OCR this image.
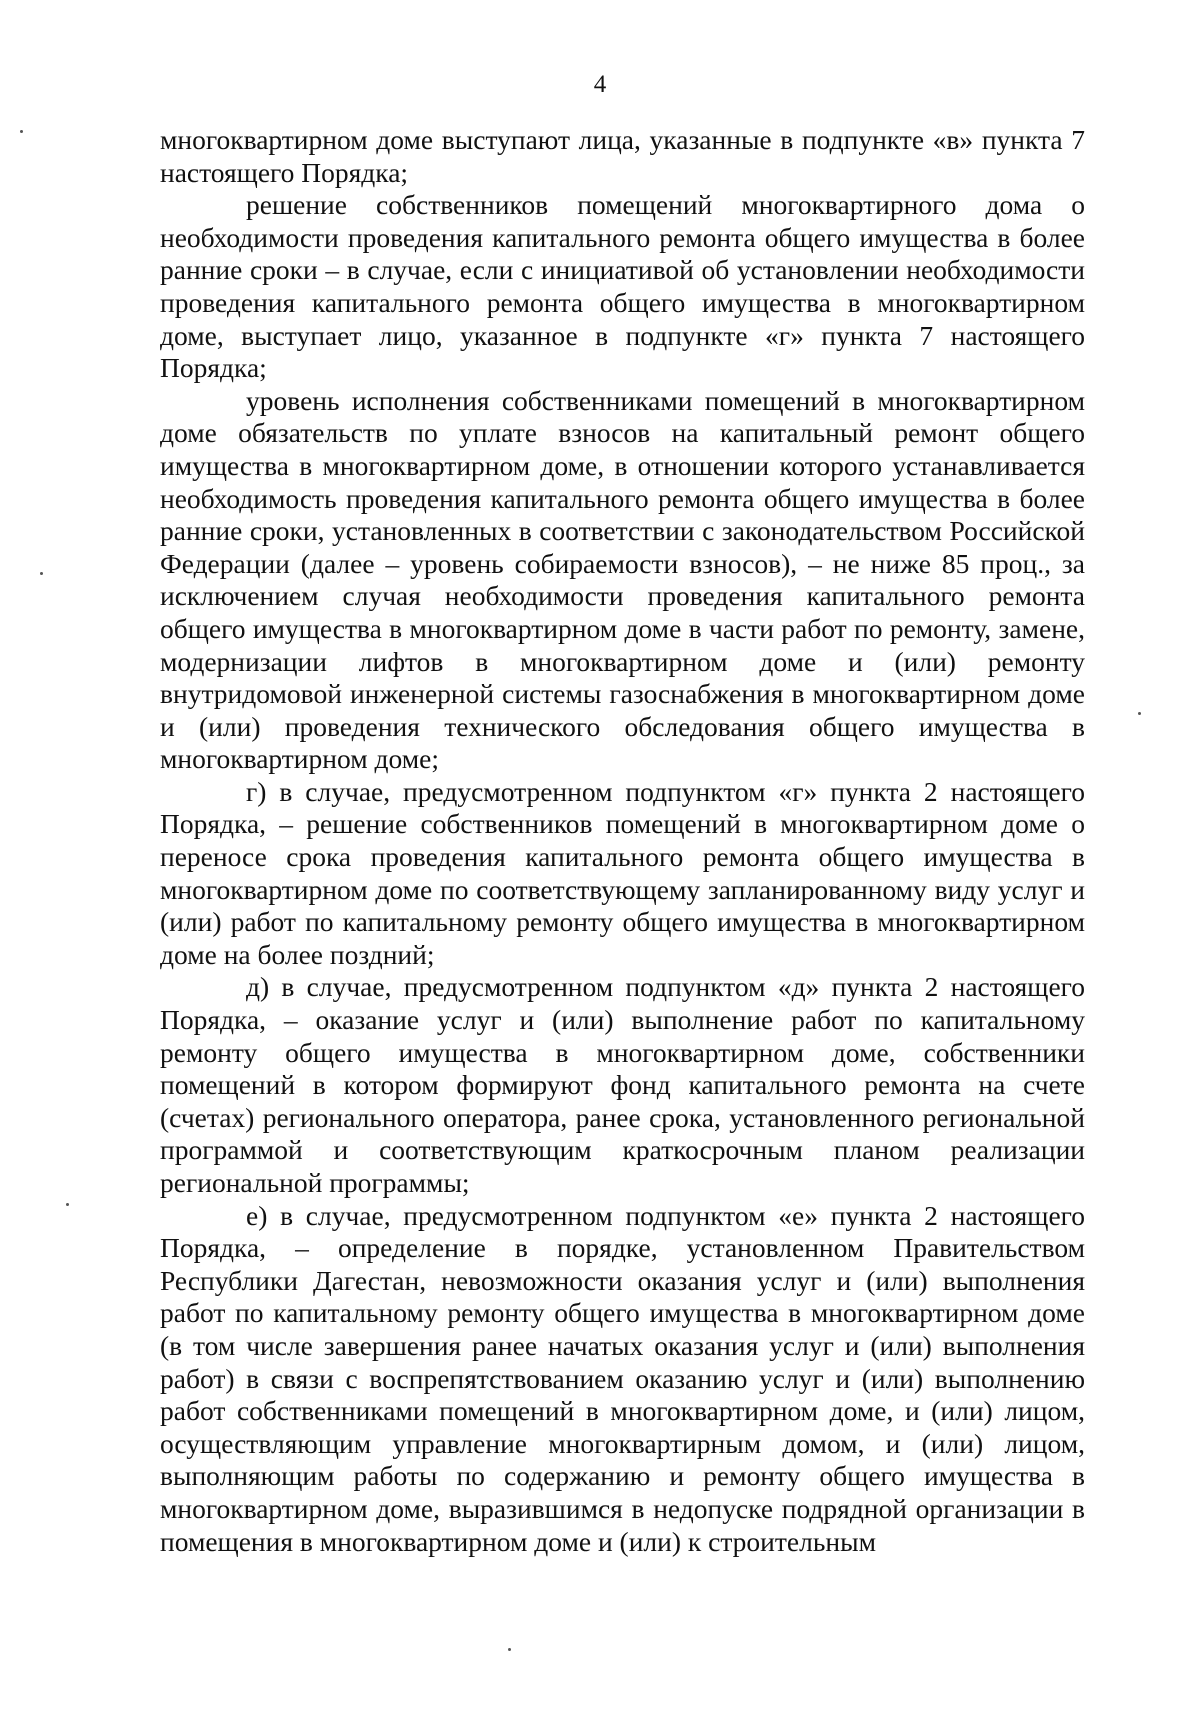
4

многоквартирном доме выступают лица, указанные в подпункте «в» пункта 7 настоящего Порядка;

решение собственников помещений многоквартирного дома о необходимости проведения капитального ремонта общего имущества в более ранние сроки – в случае, если с инициативой об установлении необходимости проведения капитального ремонта общего имущества в многоквартирном доме, выступает лицо, указанное в подпункте «г» пункта 7 настоящего Порядка;

уровень исполнения собственниками помещений в многоквартирном доме обязательств по уплате взносов на капитальный ремонт общего имущества в многоквартирном доме, в отношении которого устанавливается необходимость проведения капитального ремонта общего имущества в более ранние сроки, установленных в соответствии с законодательством Российской Федерации (далее – уровень собираемости взносов), – не ниже 85 проц., за исключением случая необходимости проведения капитального ремонта общего имущества в многоквартирном доме в части работ по ремонту, замене, модернизации лифтов в многоквартирном доме и (или) ремонту внутридомовой инженерной системы газоснабжения в многоквартирном доме и (или) проведения технического обследования общего имущества в многоквартирном доме;

г) в случае, предусмотренном подпунктом «г» пункта 2 настоящего Порядка, – решение собственников помещений в многоквартирном доме о переносе срока проведения капитального ремонта общего имущества в многоквартирном доме по соответствующему запланированному виду услуг и (или) работ по капитальному ремонту общего имущества в многоквартирном доме на более поздний;

д) в случае, предусмотренном подпунктом «д» пункта 2 настоящего Порядка, – оказание услуг и (или) выполнение работ по капитальному ремонту общего имущества в многоквартирном доме, собственники помещений в котором формируют фонд капитального ремонта на счете (счетах) регионального оператора, ранее срока, установленного региональной программой и соответствующим краткосрочным планом реализации региональной программы;

е) в случае, предусмотренном подпунктом «е» пункта 2 настоящего Порядка, – определение в порядке, установленном Правительством Республики Дагестан, невозможности оказания услуг и (или) выполнения работ по капитальному ремонту общего имущества в многоквартирном доме (в том числе завершения ранее начатых оказания услуг и (или) выполнения работ) в связи с воспрепятствованием оказанию услуг и (или) выполнению работ собственниками помещений в многоквартирном доме, и (или) лицом, осуществляющим управление многоквартирным домом, и (или) лицом, выполняющим работы по содержанию и ремонту общего имущества в многоквартирном доме, выразившимся в недопуске подрядной организации в помещения в многоквартирном доме и (или) к строительным
